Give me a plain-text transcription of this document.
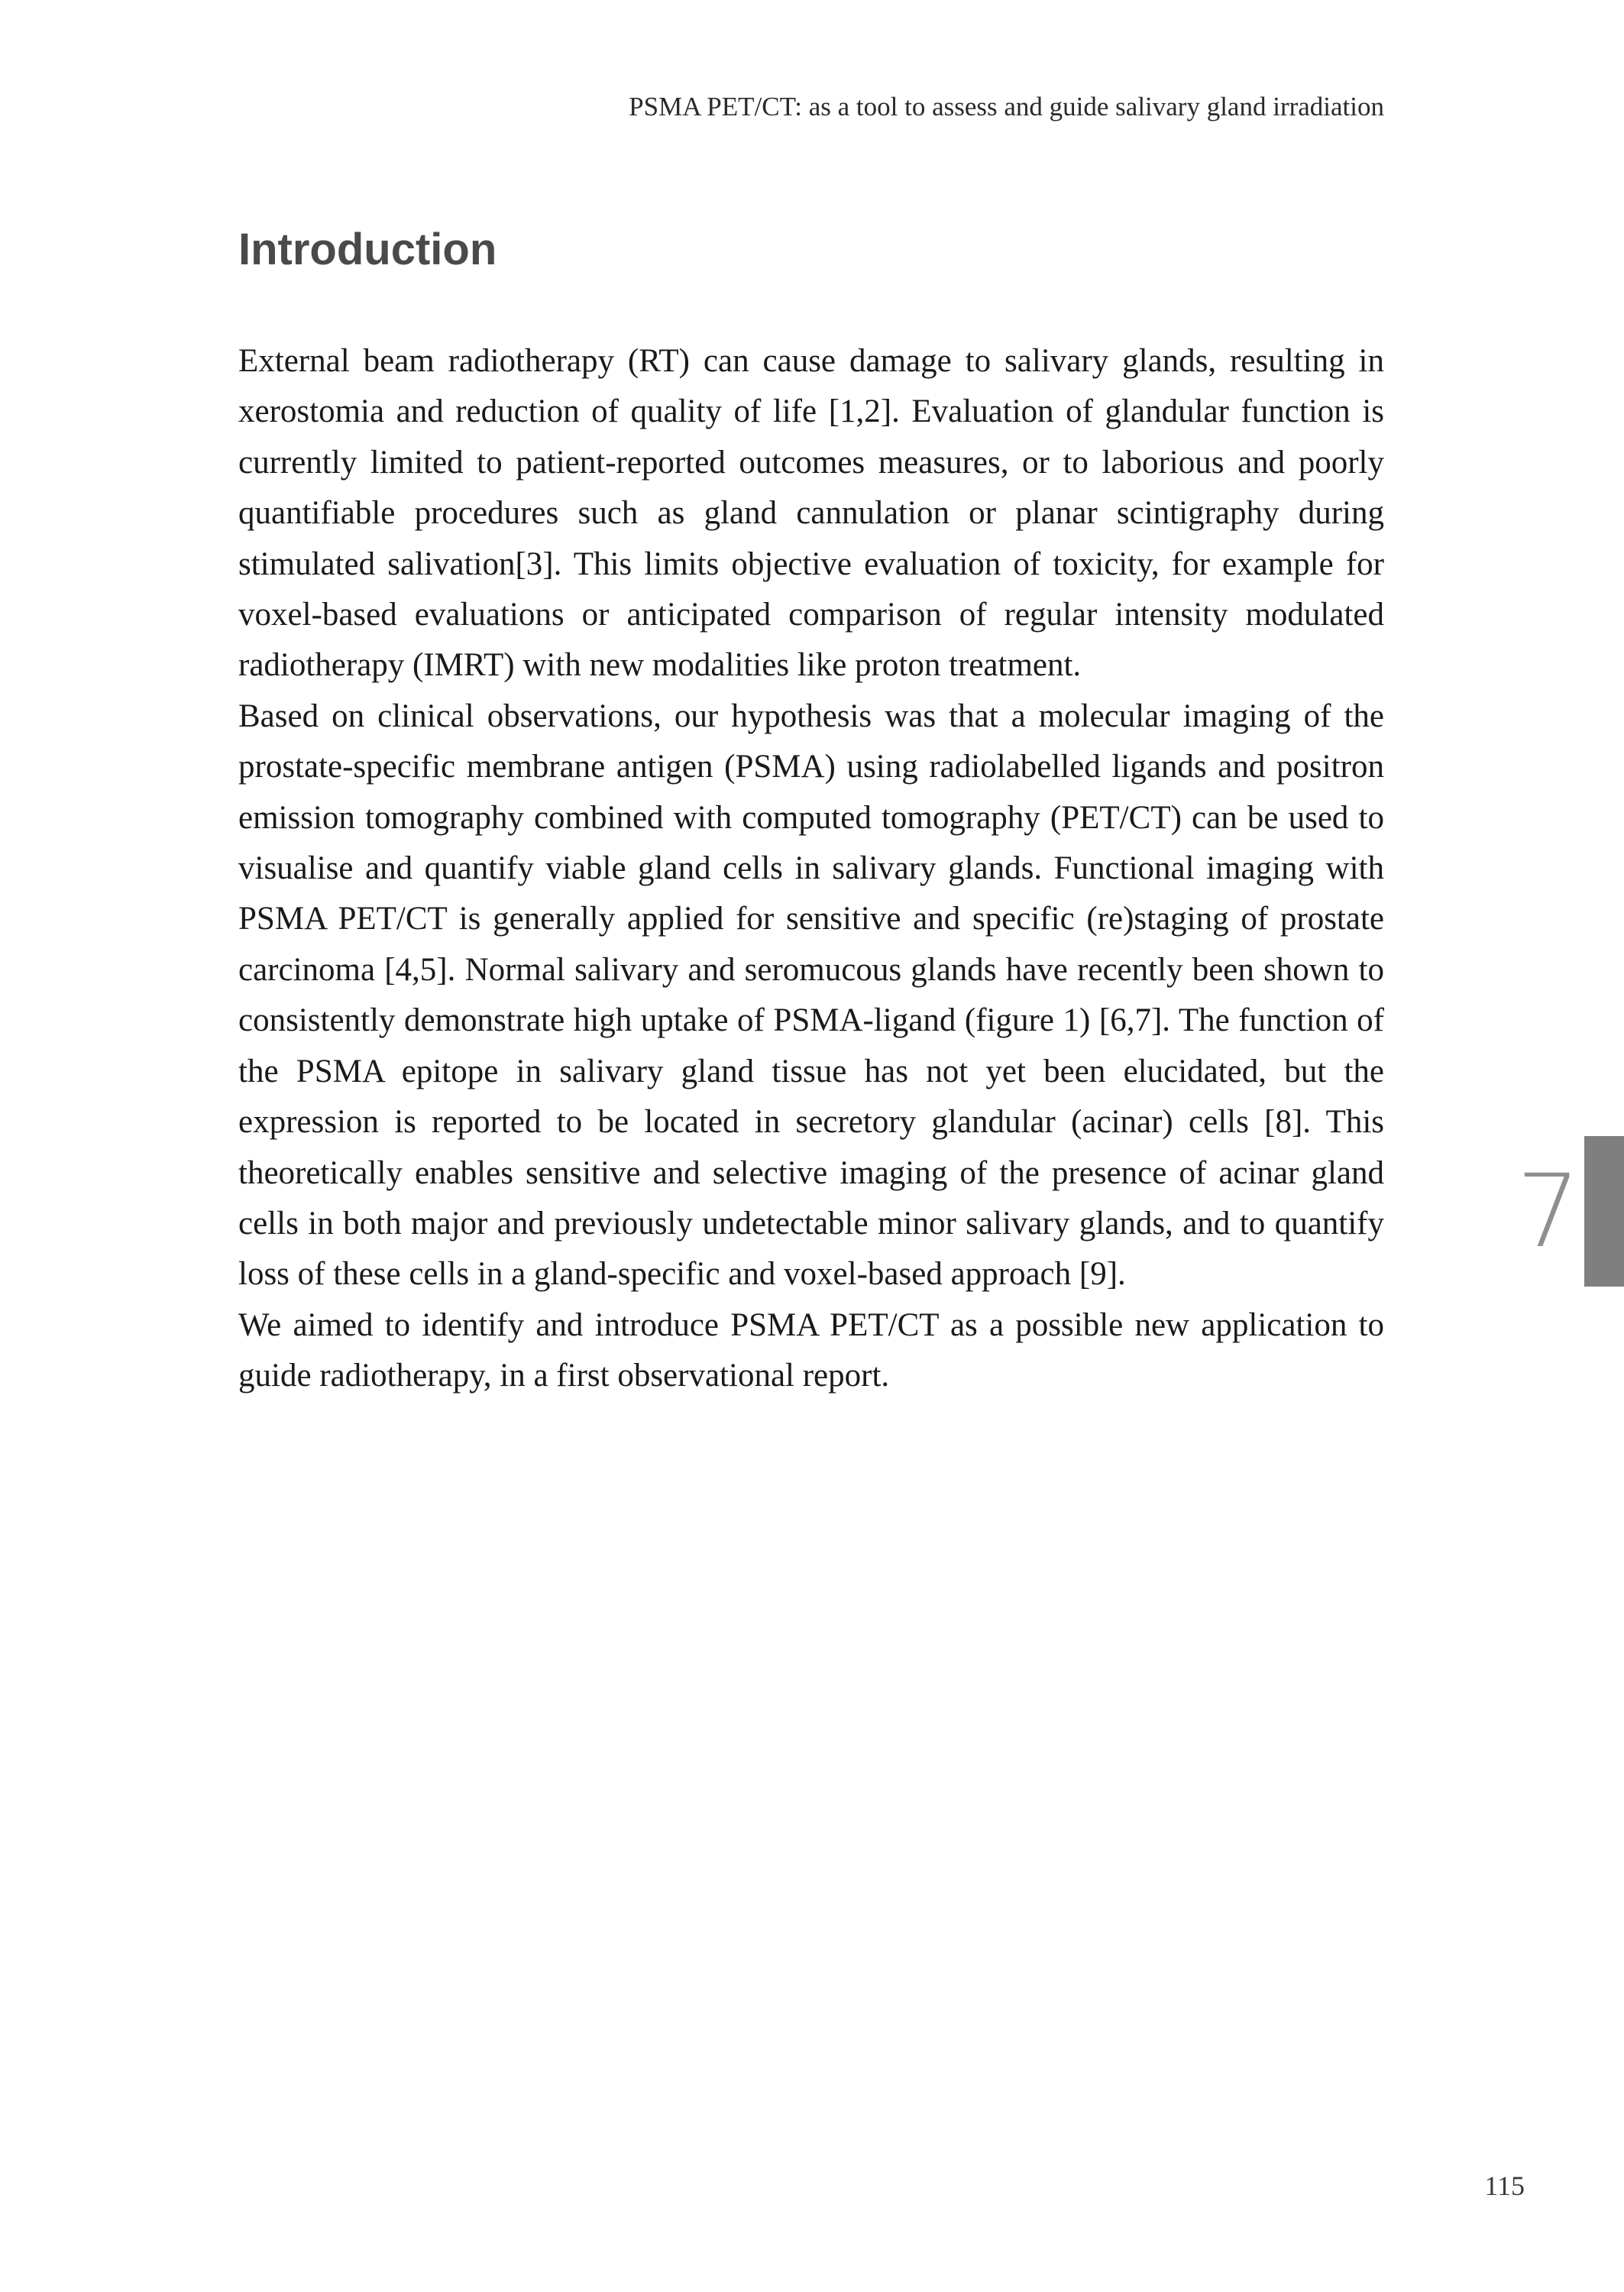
PSMA PET/CT: as a tool to assess and guide salivary gland irradiation
Introduction

External beam radiotherapy (RT) can cause damage to salivary glands, resulting in xerostomia and reduction of quality of life [1,2]. Evaluation of glandular function is currently limited to patient-reported outcomes measures, or to laborious and poorly quantifiable procedures such as gland cannulation or planar scintigraphy during stimulated salivation[3]. This limits objective evaluation of toxicity, for example for voxel-based evaluations or anticipated comparison of regular intensity modulated radiotherapy (IMRT) with new modalities like proton treatment.

Based on clinical observations, our hypothesis was that a molecular imaging of the prostate-specific membrane antigen (PSMA) using radiolabelled ligands and positron emission tomography combined with computed tomography (PET/CT) can be used to visualise and quantify viable gland cells in salivary glands. Functional imaging with PSMA PET/CT is generally applied for sensitive and specific (re)staging of prostate carcinoma [4,5]. Normal salivary and seromucous glands have recently been shown to consistently demonstrate high uptake of PSMA-ligand (figure 1) [6,7]. The function of the PSMA epitope in salivary gland tissue has not yet been elucidated, but the expression is reported to be located in secretory glandular (acinar) cells [8]. This theoretically enables sensitive and selective imaging of the presence of acinar gland cells in both major and previously undetectable minor salivary glands, and to quantify loss of these cells in a gland-specific and voxel-based approach [9].

We aimed to identify and introduce PSMA PET/CT as a possible new application to guide radiotherapy, in a first observational report.

7
115
